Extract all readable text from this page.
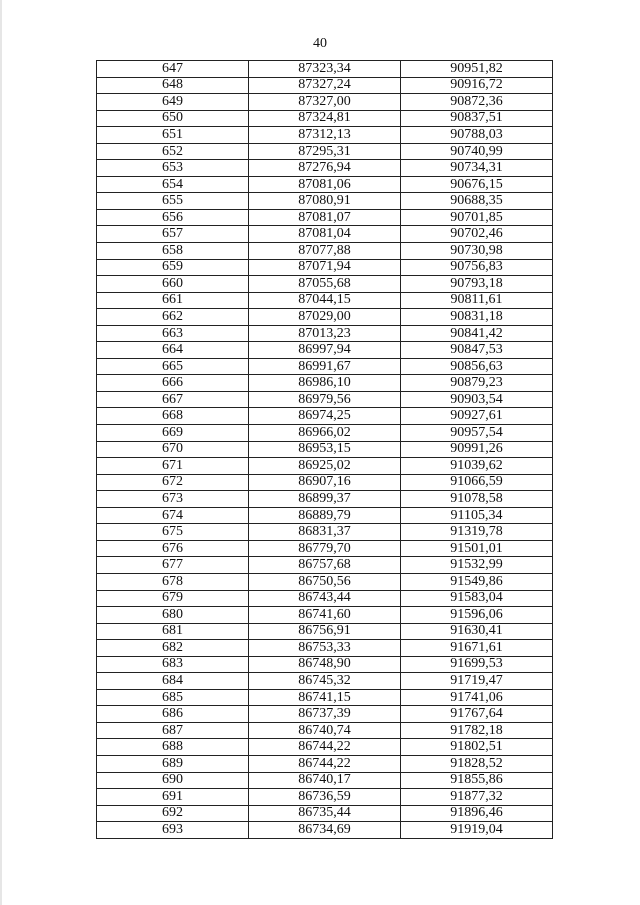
40
647	87323,34	90951,82
648	87327,24	90916,72
649	87327,00	90872,36
650	87324,81	90837,51
651	87312,13	90788,03
652	87295,31	90740,99
653	87276,94	90734,31
654	87081,06	90676,15
655	87080,91	90688,35
656	87081,07	90701,85
657	87081,04	90702,46
658	87077,88	90730,98
659	87071,94	90756,83
660	87055,68	90793,18
661	87044,15	90811,61
662	87029,00	90831,18
663	87013,23	90841,42
664	86997,94	90847,53
665	86991,67	90856,63
666	86986,10	90879,23
667	86979,56	90903,54
668	86974,25	90927,61
669	86966,02	90957,54
670	86953,15	90991,26
671	86925,02	91039,62
672	86907,16	91066,59
673	86899,37	91078,58
674	86889,79	91105,34
675	86831,37	91319,78
676	86779,70	91501,01
677	86757,68	91532,99
678	86750,56	91549,86
679	86743,44	91583,04
680	86741,60	91596,06
681	86756,91	91630,41
682	86753,33	91671,61
683	86748,90	91699,53
684	86745,32	91719,47
685	86741,15	91741,06
686	86737,39	91767,64
687	86740,74	91782,18
688	86744,22	91802,51
689	86744,22	91828,52
690	86740,17	91855,86
691	86736,59	91877,32
692	86735,44	91896,46
693	86734,69	91919,04
